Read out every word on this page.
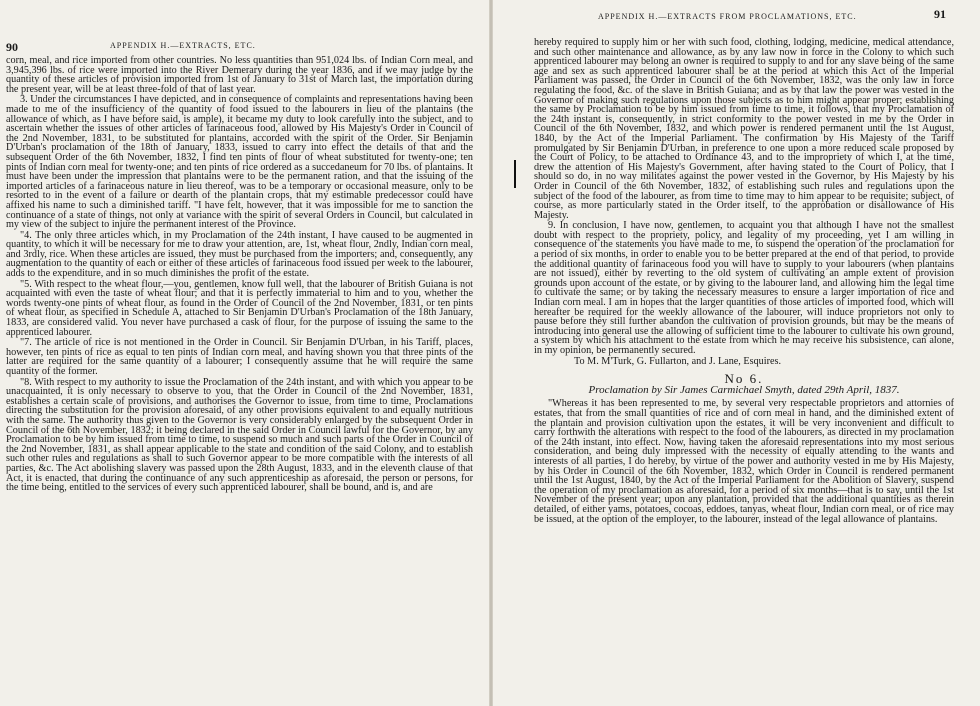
90	APPENDIX H.—EXTRACTS, ETC.

corn, meal, and rice imported from other countries. No less quantities than 951,024 lbs. of Indian Corn meal, and 3,945,396 lbs. of rice were imported into the River Demerary during the year 1836, and if we may judge by the quantity of these articles of provision imported from 1st of January to 31st of March last, the importation during the present year, will be at least three-fold of that of last year.

3. Under the circumstances I have depicted, and in consequence of complaints and representations having been made to me of the insufficiency of the quantity of food issued to the labourers in lieu of the plantains (the allowance of which, as I have before said, is ample), it became my duty to look carefully into the subject, and to ascertain whether the issues of other articles of farinaceous food, allowed by His Majesty's Order in Council of the 2nd November, 1831, to be substituted for plantains, accorded with the spirit of the Order. Sir Benjamin D'Urban's proclamation of the 18th of January, 1833, issued to carry into effect the details of that and the subsequent Order of the 6th November, 1832, I find ten pints of flour of wheat substituted for twenty-one; ten pints of Indian corn meal for twenty-one; and ten pints of rice ordered as a succedaneum for 70 lbs. of plantains. It must have been under the impression that plantains were to be the permanent ration, and that the issuing of the imported articles of a farinaceous nature in lieu thereof, was to be a temporary or occasional measure, only to be resorted to in the event of a failure or dearth of the plantain crops, that my estimable predecessor could have affixed his name to such a diminished tariff. "I have felt, however, that it was impossible for me to sanction the continuance of a state of things, not only at variance with the spirit of several Orders in Council, but calculated in my view of the subject to injure the permanent interest of the Province.

"4. The only three articles which, in my Proclamation of the 24th instant, I have caused to be augmented in quantity, to which it will be necessary for me to draw your attention, are, 1st, wheat flour, 2ndly, Indian corn meal, and 3rdly, rice. When these articles are issued, they must be purchased from the importers; and, consequently, any augmentation to the quantity of each or either of these articles of farinaceous food issued per week to the labourer, adds to the expenditure, and in so much diminishes the profit of the estate.

"5. With respect to the wheat flour,—you, gentlemen, know full well, that the labourer of British Guiana is not acquainted with even the taste of wheat flour; and that it is perfectly immaterial to him and to you, whether the words twenty-one pints of wheat flour, as found in the Order of Council of the 2nd November, 1831, or ten pints of wheat flour, as specified in Schedule A, attached to Sir Benjamin D'Urban's Proclamation of the 18th January, 1833, are considered valid. You never have purchased a cask of flour, for the purpose of issuing the same to the apprenticed labourer.

"7. The article of rice is not mentioned in the Order in Council. Sir Benjamin D'Urban, in his Tariff, places, however, ten pints of rice as equal to ten pints of Indian corn meal, and having shown you that three pints of the latter are required for the same quantity of a labourer; I consequently assume that he will require the same quantity of the former.

"8. With respect to my authority to issue the Proclamation of the 24th instant, and with which you appear to be unacquainted, it is only necessary to observe to you, that the Order in Council of the 2nd November, 1831, establishes a certain scale of provisions, and authorises the Governor to issue, from time to time, Proclamations directing the substitution for the provision aforesaid, of any other provisions equivalent to and equally nutritious with the same. The authority thus given to the Governor is very considerably enlarged by the subsequent Order in Council of the 6th November, 1832; it being declared in the said Order in Council lawful for the Governor, by any Proclamation to be by him issued from time to time, to suspend so much and such parts of the Order in Council of the 2nd November, 1831, as shall appear applicable to the state and condition of the said Colony, and to establish such other rules and regulations as shall to such Governor appear to be more compatible with the interests of all parties, &c. The Act abolishing slavery was passed upon the 28th August, 1833, and in the eleventh clause of that Act, it is enacted, that during the continuance of any such apprenticeship as aforesaid, the person or persons, for the time being, entitled to the services of every such apprenticed labourer, shall be bound, and is, and are

APPENDIX H.—EXTRACTS FROM PROCLAMATIONS, ETC.	91

hereby required to supply him or her with such food, clothing, lodging, medicine, medical attendance, and such other maintenance and allowance, as by any law now in force in the Colony to which such apprenticed labourer may belong an owner is required to supply to and for any slave being of the same age and sex as such apprenticed labourer shall be at the period at which this Act of the Imperial Parliament was passed, the Order in Council of the 6th November, 1832, was the only law in force regulating the food, &c. of the slave in British Guiana; and as by that law the power was vested in the Governor of making such regulations upon those subjects as to him might appear proper; establishing the same by Proclamation to be by him issued from time to time, it follows, that my Proclamation of the 24th instant is, consequently, in strict conformity to the power vested in me by the Order in Council of the 6th November, 1832, and which power is rendered permanent until the 1st August, 1840, by the Act of the Imperial Parliament. The confirmation by His Majesty of the Tariff promulgated by Sir Benjamin D'Urban, in preference to one upon a more reduced scale proposed by the Court of Policy, to be attached to Ordinance 43, and to the impropriety of which I, at the time, drew the attention of His Majesty's Government, after having stated to the Court of Policy, that I should so do, in no way militates against the power vested in the Governor, by His Majesty by his Order in Council of the 6th November, 1832, of establishing such rules and regulations upon the subject of the food of the labourer, as from time to time may to him appear to be requisite; subject, of course, as more particularly stated in the Order itself, to the approbation or disallowance of His Majesty.

9. In conclusion, I have now, gentlemen, to acquaint you that although I have not the smallest doubt with respect to the propriety, policy, and legality of my proceeding, yet I am willing in consequence of the statements you have made to me, to suspend the operation of the proclamation for a period of six months, in order to enable you to be better prepared at the end of that period, to provide the additional quantity of farinaceous food you will have to supply to your labourers (when plantains are not issued), either by reverting to the old system of cultivating an ample extent of provision grounds upon account of the estate, or by giving to the labourer land, and allowing him the legal time to cultivate the same; or by taking the necessary measures to ensure a larger importation of rice and Indian corn meal. I am in hopes that the larger quantities of those articles of imported food, which will hereafter be required for the weekly allowance of the labourer, will induce proprietors not only to pause before they still further abandon the cultivation of provision grounds, but may be the means of introducing into general use the allowing of sufficient time to the labourer to cultivate his own ground, a system by which his attachment to the estate from which he may receive his subsistence, can alone, in my opinion, be permanently secured.

To M. M'Turk, G. Fullarton, and J. Lane, Esquires.

No 6.

Proclamation by Sir James Carmichael Smyth, dated 29th April, 1837.

"Whereas it has been represented to me, by several very respectable proprietors and attornies of estates, that from the small quantities of rice and of corn meal in hand, and the diminished extent of the plantain and provision cultivation upon the estates, it will be very inconvenient and difficult to carry forthwith the alterations with respect to the food of the labourers, as directed in my proclamation of the 24th instant, into effect. Now, having taken the aforesaid representations into my most serious consideration, and being duly impressed with the necessity of equally attending to the wants and interests of all parties, I do hereby, by virtue of the power and authority vested in me by His Majesty, by his Order in Council of the 6th November, 1832, which Order in Council is rendered permanent until the 1st August, 1840, by the Act of the Imperial Parliament for the Abolition of Slavery, suspend the operation of my proclamation as aforesaid, for a period of six months—that is to say, until the 1st November of the present year; upon any plantation, provided that the additional quantities as therein detailed, of either yams, potatoes, cocoas, eddoes, tanyas, wheat flour, Indian corn meal, or of rice may be issued, at the option of the employer, to the labourer, instead of the legal allowance of plantains.
